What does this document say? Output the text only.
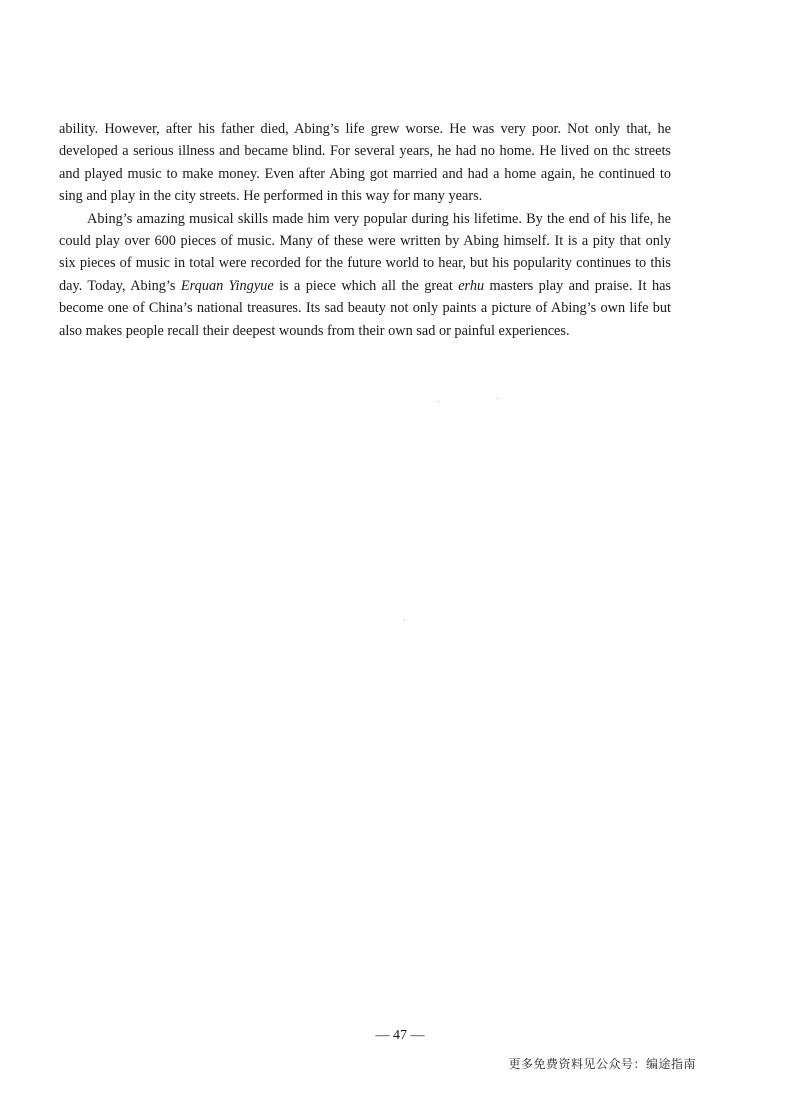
ability. However, after his father died, Abing’s life grew worse. He was very poor. Not only that, he developed a serious illness and became blind. For several years, he had no home. He lived on thc streets and played music to make money. Even after Abing got married and had a home again, he continued to sing and play in the city streets. He performed in this way for many years.

Abing’s amazing musical skills made him very popular during his lifetime. By the end of his life, he could play over 600 pieces of music. Many of these were written by Abing himself. It is a pity that only six pieces of music in total were recorded for the future world to hear, but his popularity continues to this day. Today, Abing’s Erquan Yingyue is a piece which all the great erhu masters play and praise. It has become one of China’s national treasures. Its sad beauty not only paints a picture of Abing’s own life but also makes people recall their deepest wounds from their own sad or painful experiences.

— 47 —
更多免费资料见公众号：编途指南
